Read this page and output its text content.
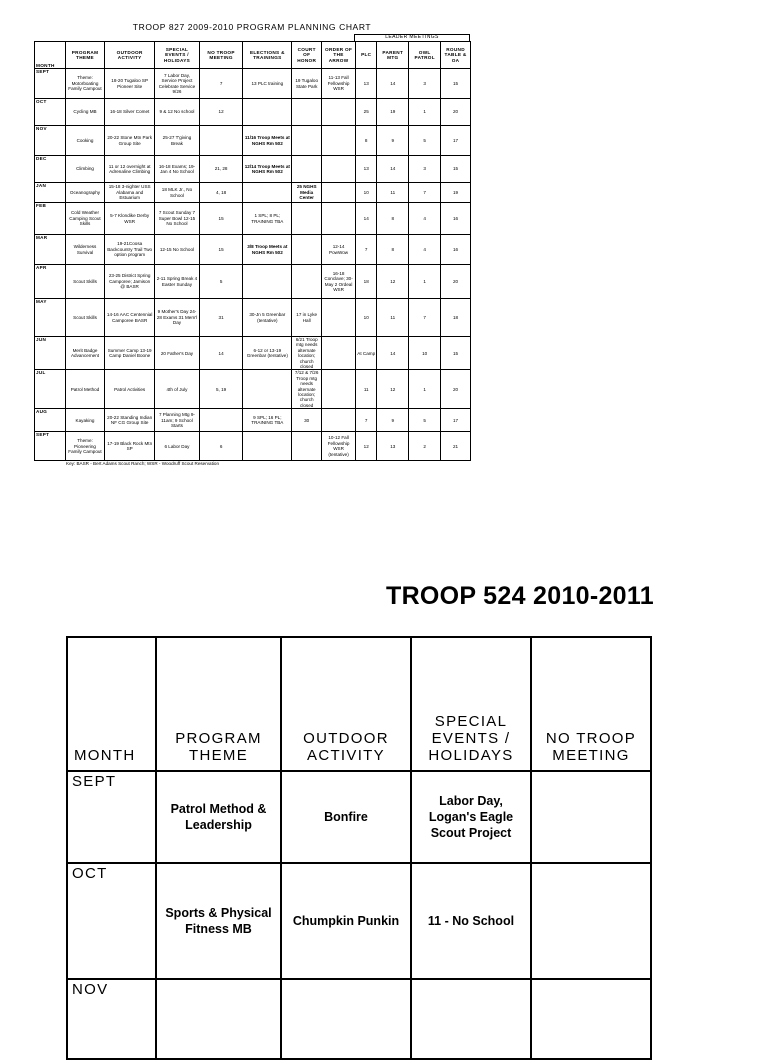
TROOP 827 2009-2010 PROGRAM PLANNING CHART
LEADER MEETINGS
MONTH	PROGRAM THEME	OUTDOOR ACTIVITY	SPECIAL EVENTS / HOLIDAYS	NO TROOP MEETING	ELECTIONS & TRAININGS	COURT OF HONOR	ORDER OF THE ARROW	PLC	PARENT MTG	OWL PATROL	ROUND TABLE & OA
SEPT	Theme: Motorboating Family Campout	18-20 Tugaloo SP Pioneer Site	7 Labor Day, Service Project Celebrate Service 9/26	7	13 PLC training	19 Tugaloo State Park	11-13 Fall Fellowship WSR	13	14	3	15
OCT	Cycling MB	16-18 Silver Comet	9 & 12 No school	12				25	19	1	20
NOV	Cooking	20-22 Stone Mtn Park Group Site	25-27 T'giving Break		11/16 Troop Meets at NGHS Rm 502			8	9	5	17
DEC	Climbing	11 or 12 overnight at Adrenaline Climbing	16-18 Exams; 19-Jan 4 No School	21, 28	12/14 Troop Meets at NGHS Rm 502			13	14	3	15
JAN	Oceanography	15-18 3-nighter USS Alabama and Estuarium	18 MLK Jr., No School	4, 18		25 NGHS Media Center		10	11	7	19
FEB	Cold Weather Camping Scout Skills	5-7 Klondike Derby WSR	7 Scout Sunday 7 Super Bowl 12-15 No School	15	1 SPL; 8 PL; TRAINING TBA			14	8	4	16
MAR	Wilderness Survival	19-21Coosa Backcountry Trail Two option program	12-15 No School	15	3/8 Troop Meets at NGHS Rm 502		12-14 PowWow	7	8	4	16
APR	Scout Skills	23-25 District Spring Camporee; Jamison @ BASR	2-11 Spring Break 4 Easter Sunday	5			16-18 Conclave; 30-May 2 Ordeal WSR	18	12	1	20
MAY	Scout Skills	14-16 AAC Centennial Camporee BASR	9 Mother's Day 24-28 Exams 31 Mem'l Day	31	30-Jn 5 Greenbar (tentative)	17 in Lyke Hall		10	11	7	18
JUN	Merit Badge Advancement	Summer Camp 13-19 Camp Daniel Boone	20 Father's Day	14	6-12 or 13-19 Greenbar (tentative)	6/21 Troop mtg needs alternate location; church closed		At Camp	14	10	15
JUL	Patrol Method	Patrol Activities	4th of July	5, 19		7/12 & 7/26 Troop mtg needs alternate location; church closed		11	12	1	20
AUG	Kayaking	20-22 Standing Indian NF CG Group Site	7 Planning Mtg 9-11am; 9 School Starts		9 SPL; 16 PL; TRAINING TBA	30		7	9	5	17
SEPT	Theme: Pioneering Family Campout	17-19 Black Rock Mtn SP	6 Labor Day	6			10-12 Fall Fellowship WSR (tentative)	12	13	2	21
Key: BASR - Bert Adams Scout Ranch; WSR - Woodruff Scout Reservation
TROOP 524 2010-2011
MONTH	PROGRAM THEME	OUTDOOR ACTIVITY	SPECIAL EVENTS / HOLIDAYS	NO TROOP MEETING
SEPT	Patrol Method & Leadership	Bonfire	Labor Day, Logan's Eagle Scout Project	
OCT	Sports & Physical Fitness MB	Chumpkin Punkin	11 - No School	
NOV				
